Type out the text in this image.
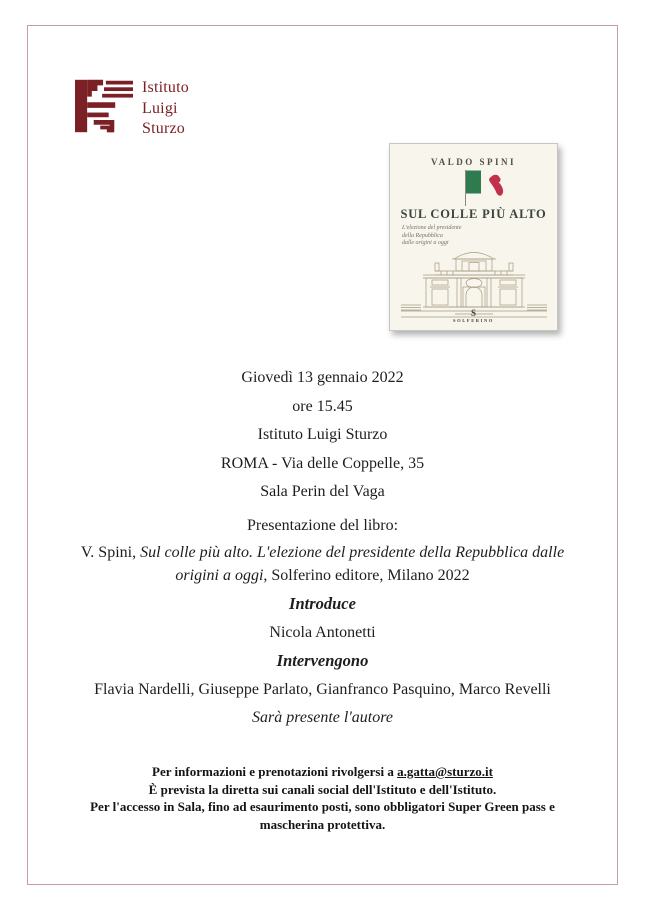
Istituto
Luigi
Sturzo
VALDO SPINI
SUL COLLE PIÙ ALTO
L'elezione del presidente
della Repubblica
dalle origini a oggi
S
SOLFERINO

Giovedì 13 gennaio 2022

ore 15.45

Istituto Luigi Sturzo

ROMA - Via delle Coppelle, 35

Sala Perin del Vaga

Presentazione del libro:

V. Spini, Sul colle più alto. L'elezione del presidente della Repubblica dalle

origini a oggi, Solferino editore, Milano 2022

Introduce

Nicola Antonetti

Intervengono

Flavia Nardelli, Giuseppe Parlato, Gianfranco Pasquino, Marco Revelli

Sarà presente l'autore

Per informazioni e prenotazioni rivolgersi a a.gatta@sturzo.it

È prevista la diretta sui canali social dell'Istituto e dell'Istituto.

Per l'accesso in Sala, fino ad esaurimento posti, sono obbligatori Super Green pass e

mascherina protettiva.
